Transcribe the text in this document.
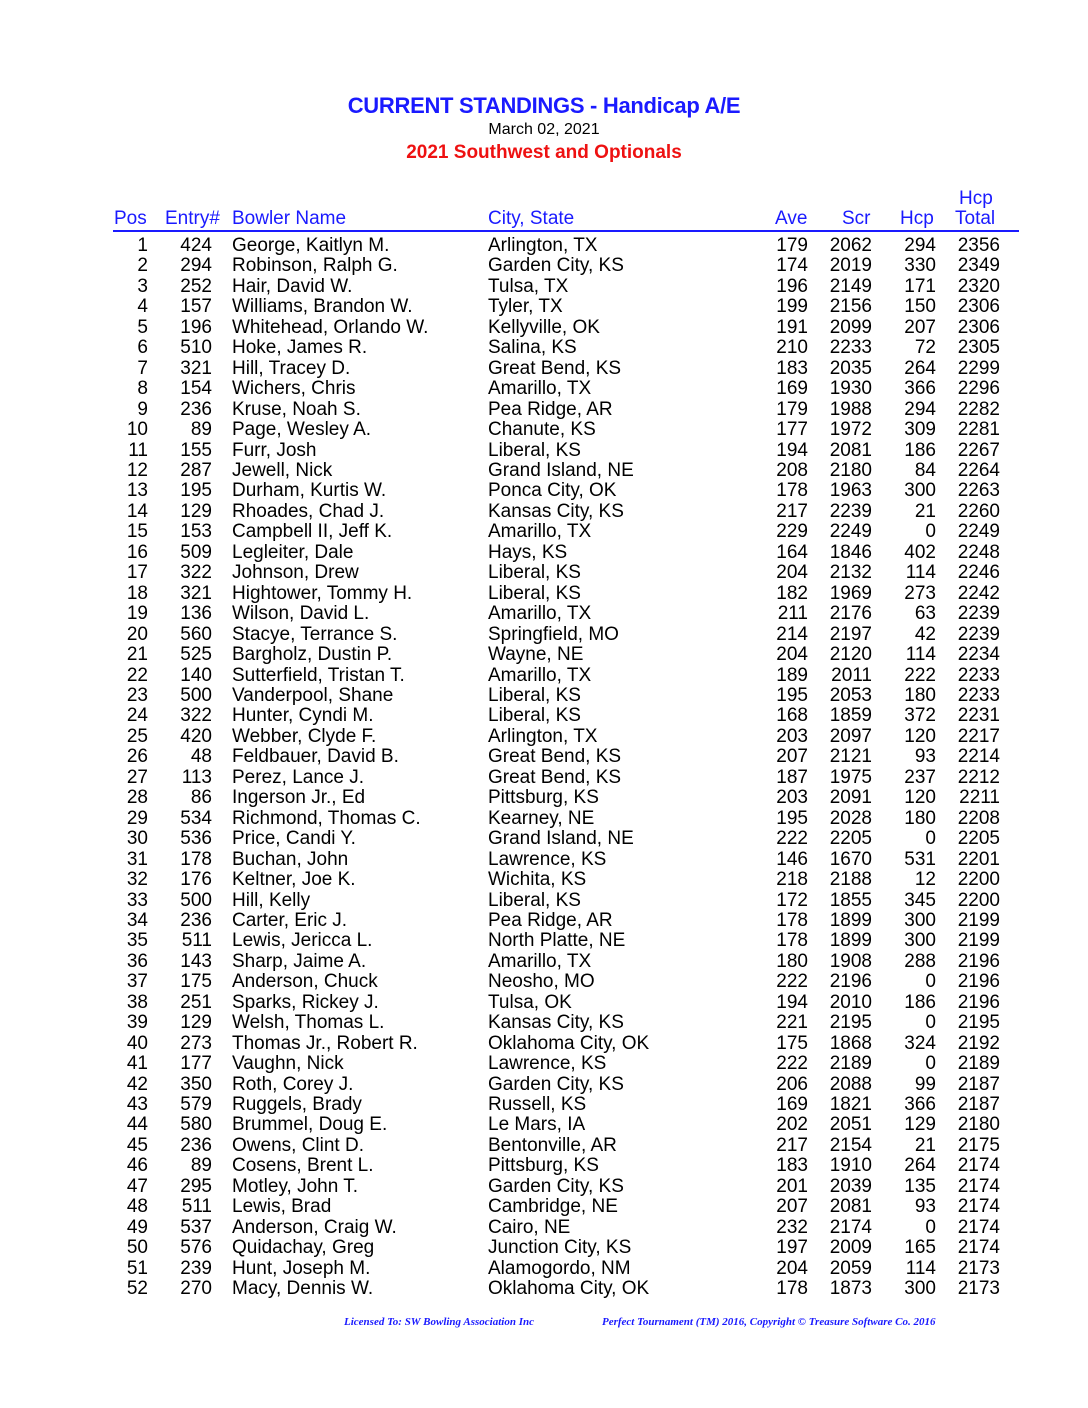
CURRENT STANDINGS - Handicap A/E
March 02, 2021
2021 Southwest and Optionals
Pos Entry# Bowler Name	City, State	Ave Scr Hcp
Hcp
Total
1	424 George, Kaitlyn M.	Arlington, TX	179	2062	294	2356
2	294 Robinson, Ralph G.	Garden City, KS	174	2019	330	2349
3	252 Hair, David W.	Tulsa, TX	196	2149	171	2320
4	157 Williams, Brandon W.	Tyler, TX	199	2156	150	2306
5	196 Whitehead, Orlando W.	Kellyville, OK	191	2099	207	2306
6	510 Hoke, James R.	Salina, KS	210	2233	72	2305
7	321 Hill, Tracey D.	Great Bend, KS	183	2035	264	2299
8	154 Wichers, Chris	Amarillo, TX	169	1930	366	2296
9	236 Kruse, Noah S.	Pea Ridge, AR	179	1988	294	2282
10	89 Page, Wesley A.	Chanute, KS	177	1972	309	2281
11	155 Furr, Josh	Liberal, KS	194	2081	186	2267
12	287 Jewell, Nick	Grand Island, NE	208	2180	84	2264
13	195 Durham, Kurtis W.	Ponca City, OK	178	1963	300	2263
14	129 Rhoades, Chad J.	Kansas City, KS	217	2239	21	2260
15	153 Campbell II, Jeff K.	Amarillo, TX	229	2249	0	2249
16	509 Legleiter, Dale	Hays, KS	164	1846	402	2248
17	322 Johnson, Drew	Liberal, KS	204	2132	114	2246
18	321 Hightower, Tommy H.	Liberal, KS	182	1969	273	2242
19	136 Wilson, David L.	Amarillo, TX	211	2176	63	2239
20	560 Stacye, Terrance S.	Springfield, MO	214	2197	42	2239
21	525 Bargholz, Dustin P.	Wayne, NE	204	2120	114	2234
22	140 Sutterfield, Tristan T.	Amarillo, TX	189	2011	222	2233
23	500 Vanderpool, Shane	Liberal, KS	195	2053	180	2233
24	322 Hunter, Cyndi M.	Liberal, KS	168	1859	372	2231
25	420 Webber, Clyde F.	Arlington, TX	203	2097	120	2217
26	48 Feldbauer, David B.	Great Bend, KS	207	2121	93	2214
27	113 Perez, Lance J.	Great Bend, KS	187	1975	237	2212
28	86 Ingerson Jr., Ed	Pittsburg, KS	203	2091	120	2211
29	534 Richmond, Thomas C.	Kearney, NE	195	2028	180	2208
30	536 Price, Candi Y.	Grand Island, NE	222	2205	0	2205
31	178 Buchan, John	Lawrence, KS	146	1670	531	2201
32	176 Keltner, Joe K.	Wichita, KS	218	2188	12	2200
33	500 Hill, Kelly	Liberal, KS	172	1855	345	2200
34	236 Carter, Eric J.	Pea Ridge, AR	178	1899	300	2199
35	511 Lewis, Jericca L.	North Platte, NE	178	1899	300	2199
36	143 Sharp, Jaime A.	Amarillo, TX	180	1908	288	2196
37	175 Anderson, Chuck	Neosho, MO	222	2196	0	2196
38	251 Sparks, Rickey J.	Tulsa, OK	194	2010	186	2196
39	129 Welsh, Thomas L.	Kansas City, KS	221	2195	0	2195
40	273 Thomas Jr., Robert R.	Oklahoma City, OK	175	1868	324	2192
41	177 Vaughn, Nick	Lawrence, KS	222	2189	0	2189
42	350 Roth, Corey J.	Garden City, KS	206	2088	99	2187
43	579 Ruggels, Brady	Russell, KS	169	1821	366	2187
44	580 Brummel, Doug E.	Le Mars, IA	202	2051	129	2180
45	236 Owens, Clint D.	Bentonville, AR	217	2154	21	2175
46	89 Cosens, Brent L.	Pittsburg, KS	183	1910	264	2174
47	295 Motley, John T.	Garden City, KS	201	2039	135	2174
48	511 Lewis, Brad	Cambridge, NE	207	2081	93	2174
49	537 Anderson, Craig W.	Cairo, NE	232	2174	0	2174
50	576 Quidachay, Greg	Junction City, KS	197	2009	165	2174
51	239 Hunt, Joseph M.	Alamogordo, NM	204	2059	114	2173
52	270 Macy, Dennis W.	Oklahoma City, OK	178	1873	300	2173
Licensed To: SW Bowling Association Inc	Perfect Tournament (TM) 2016, Copyright © Treasure Software Co. 2016
